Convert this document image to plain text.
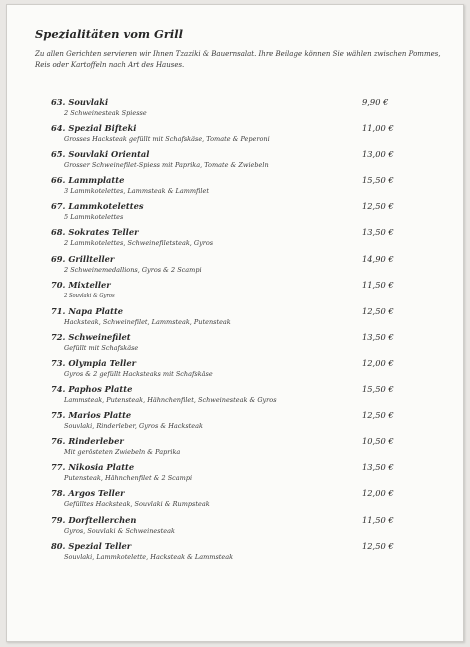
Spezialitäten vom Grill
Zu allen Gerichten servieren wir Ihnen Tzaziki & Bauernsalat. Ihre Beilage können Sie wählen zwischen Pommes, Reis oder Kartoffeln nach Art des Hauses.
63. Souvlaki	9,90 €
2 Schweinesteak Spiesse
64. Spezial Bifteki	11,00 €
Grosses Hacksteak gefüllt mit Schafskäse, Tomate & Peperoni
65. Souvlaki Oriental	13,00 €
Grosser Schweinefilet-Spiess mit Paprika, Tomate & Zwiebeln
66. Lammplatte	15,50 €
3 Lammkotelettes, Lammsteak & Lammfilet
67. Lammkotelettes	12,50 €
5 Lammkotelettes
68. Sokrates Teller	13,50 €
2 Lammkotelettes, Schweinefiletsteak, Gyros
69. Grillteller	14,90 €
2 Schweinemedallions, Gyros & 2 Scampi
70. Mixteller	11,50 €
2 Souvlaki & Gyros
71. Napa Platte	12,50 €
Hacksteak, Schweinefilet, Lammsteak, Putensteak
72. Schweinefilet	13,50 €
Gefüllt mit Schafskäse
73. Olympia Teller	12,00 €
Gyros & 2 gefüllt Hacksteaks mit Schafskäse
74. Paphos Platte	15,50 €
Lammsteak, Putensteak, Hähnchenfilet, Schweinesteak & Gyros
75. Marios Platte	12,50 €
Souvlaki, Rinderleber, Gyros & Hacksteak
76. Rinderleber	10,50 €
Mit gerösteten Zwiebeln & Paprika
77. Nikosia Platte	13,50 €
Putensteak, Hähnchenfilet & 2 Scampi
78. Argos Teller	12,00 €
Gefülltes Hacksteak, Souvlaki & Rumpsteak
79. Dorftellerchen	11,50 €
Gyros, Souvlaki & Schweinesteak
80. Spezial Teller	12,50 €
Souvlaki, Lammkotelette, Hacksteak & Lammsteak
